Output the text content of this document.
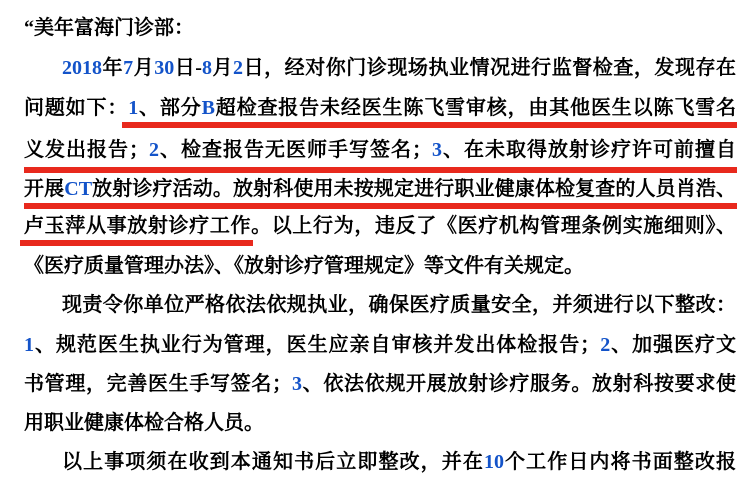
“美年富海门诊部：
2018年7月30日-8月2日，经对你门诊现场执业情况进行监督检查，发现存在
问题如下：1、部分B超检查报告未经医生陈飞雪审核，由其他医生以陈飞雪名
义发出报告；2、检查报告无医师手写签名；3、在未取得放射诊疗许可前擅自
开展CT放射诊疗活动。放射科使用未按规定进行职业健康体检复查的人员肖浩、
卢玉萍从事放射诊疗工作。以上行为，违反了《医疗机构管理条例实施细则》、
《医疗质量管理办法》、《放射诊疗管理规定》等文件有关规定。
现责令你单位严格依法依规执业，确保医疗质量安全，并须进行以下整改：
1、规范医生执业行为管理，医生应亲自审核并发出体检报告；2、加强医疗文
书管理，完善医生手写签名；3、依法依规开展放射诊疗服务。放射科按要求使
用职业健康体检合格人员。
以上事项须在收到本通知书后立即整改，并在10个工作日内将书面整改报
